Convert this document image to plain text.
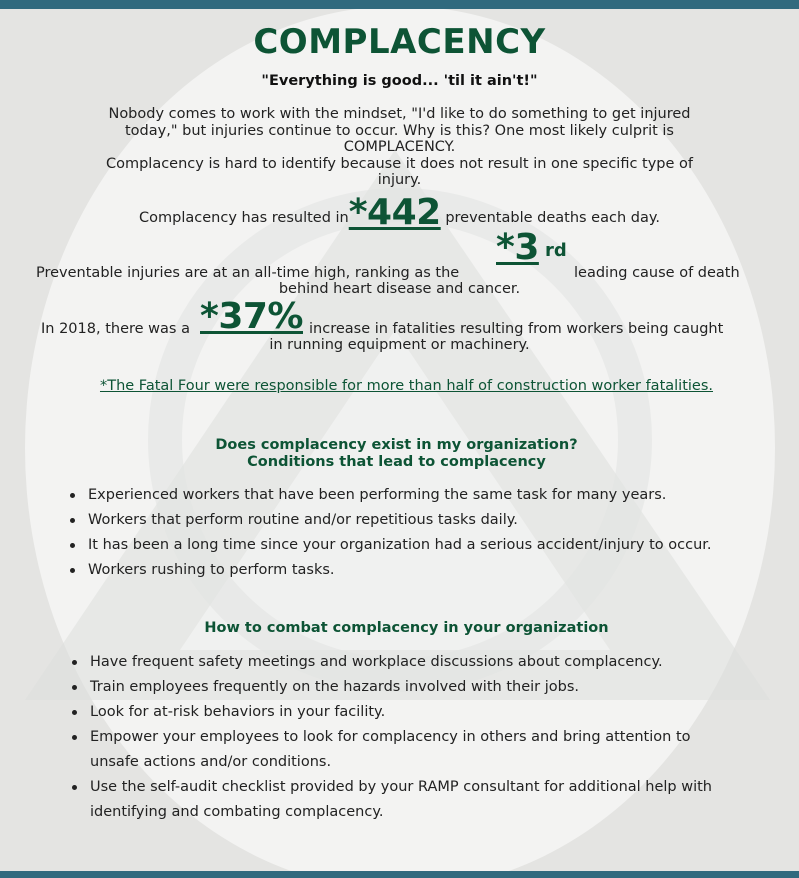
COMPLACENCY
"Everything is good... 'til it ain't!"
Nobody comes to work with the mindset, "I'd like to do something to get injured today," but injuries continue to occur. Why is this? One most likely culprit is COMPLACENCY.
Complacency is hard to identify because it does not result in one specific type of injury.
Complacency has resulted in*442 preventable deaths each day.
Preventable injuries are at an all-time high, ranking as the
*3 rd
leading cause of death
behind heart disease and cancer.
In 2018, there was a *37% increase in fatalities resulting from workers being caught
in running equipment or machinery.
*The Fatal Four were responsible for more than half of construction worker fatalities.
Does complacency exist in my organization?
Conditions that lead to complacency
Experienced workers that have been performing the same task for many years.
Workers that perform routine and/or repetitious tasks daily.
It has been a long time since your organization had a serious accident/injury to occur.
Workers rushing to perform tasks.
How to combat complacency in your organization
Have frequent safety meetings and workplace discussions about complacency.
Train employees frequently on the hazards involved with their jobs.
Look for at-risk behaviors in your facility.
Empower your employees to look for complacency in others and bring attention to unsafe actions and/or conditions.
Use the self-audit checklist provided by your RAMP consultant for additional help with identifying and combating complacency.
